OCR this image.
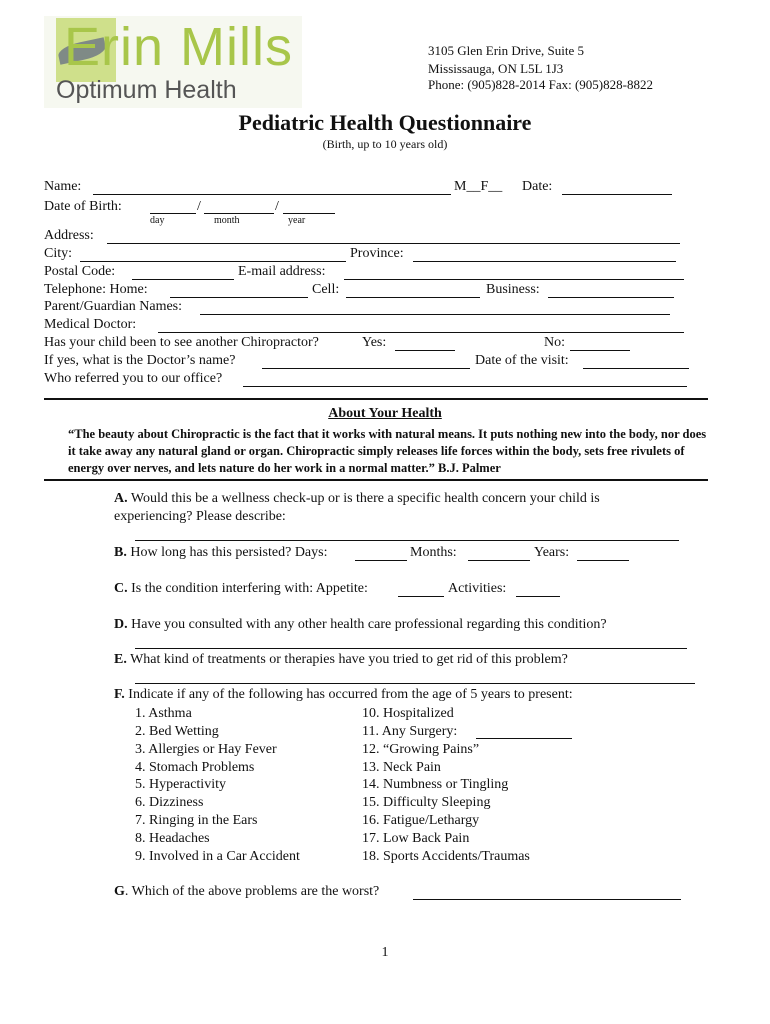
Erin Mills
Optimum Health
3105 Glen Erin Drive, Suite 5
Mississauga, ON L5L 1J3
Phone: (905)828-2014 Fax: (905)828-8822
Pediatric Health Questionnaire
(Birth, up to 10 years old)
Name:	M__F__ Date:
Date of Birth:	/	/
day	month	year
Address:
City:	Province:
Postal Code:	E-mail address:
Telephone: Home:	Cell:	Business:
Parent/Guardian Names:
Medical Doctor:
Has your child been to see another Chiropractor?	Yes:	No:
If yes, what is the Doctor’s name?	Date of the visit:
Who referred you to our office?
About Your Health
“The beauty about Chiropractic is the fact that it works with natural means. It puts nothing new into the body, nor does it take away any natural gland or organ. Chiropractic simply releases life forces within the body, sets free rivulets of energy over nerves, and lets nature do her work in a normal matter.” B.J. Palmer
A. Would this be a wellness check-up or is there a specific health concern your child is
experiencing? Please describe:
B. How long has this persisted? Days:	Months:	Years:
C. Is the condition interfering with: Appetite:	Activities:
D. Have you consulted with any other health care professional regarding this condition?
E. What kind of treatments or therapies have you tried to get rid of this problem?
F. Indicate if any of the following has occurred from the age of 5 years to present:
1. Asthma
2. Bed Wetting
3. Allergies or Hay Fever
4. Stomach Problems
5. Hyperactivity
6. Dizziness
7. Ringing in the Ears
8. Headaches
9. Involved in a Car Accident
10. Hospitalized
11. Any Surgery:
12. “Growing Pains”
13. Neck Pain
14. Numbness or Tingling
15. Difficulty Sleeping
16. Fatigue/Lethargy
17. Low Back Pain
18. Sports Accidents/Traumas
G. Which of the above problems are the worst?
1
